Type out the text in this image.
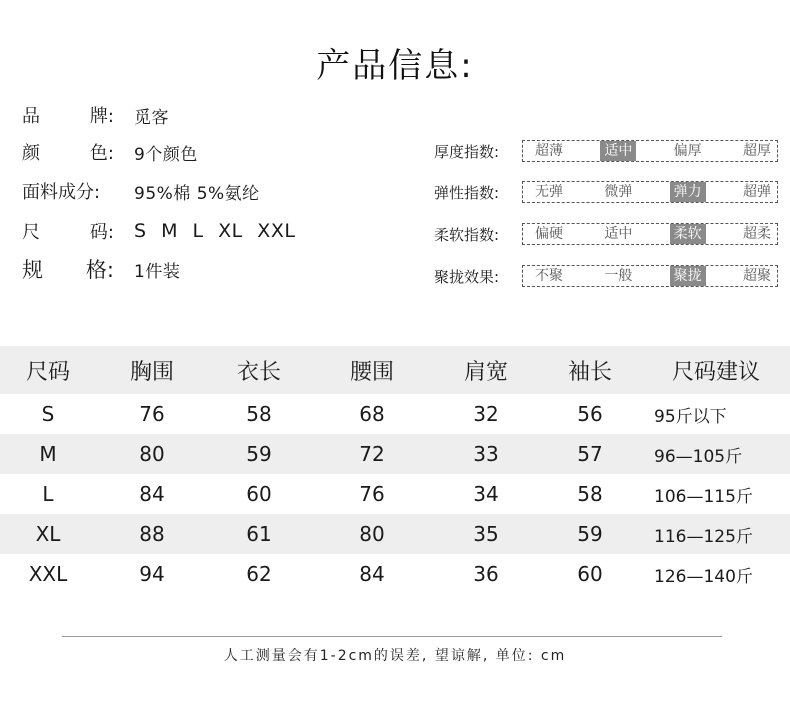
产品信息:
品	牌: 觅客
颜	色: 9个颜色
面料成分: 95%棉 5%氨纶
尺	码: S M L XL XXL
规 格: 1件装
厚度指数:	超薄	适中	偏厚	超厚
弹性指数:	无弹	微弹	弹力	超弹
柔软指数:	偏硬	适中	柔软	超柔
聚拢效果:	不聚	一般	聚拢	超聚
尺码	胸围	衣长	腰围	肩宽	袖长	尺码建议
S	76	58	68	32	56	95斤以下
M	80	59	72	33	57	96—105斤
L	84	60	76	34	58	106—115斤
XL	88	61	80	35	59	116—125斤
XXL	94	62	84	36	60	126—140斤
人工测量会有1-2cm的误差, 望谅解, 单位: cm
